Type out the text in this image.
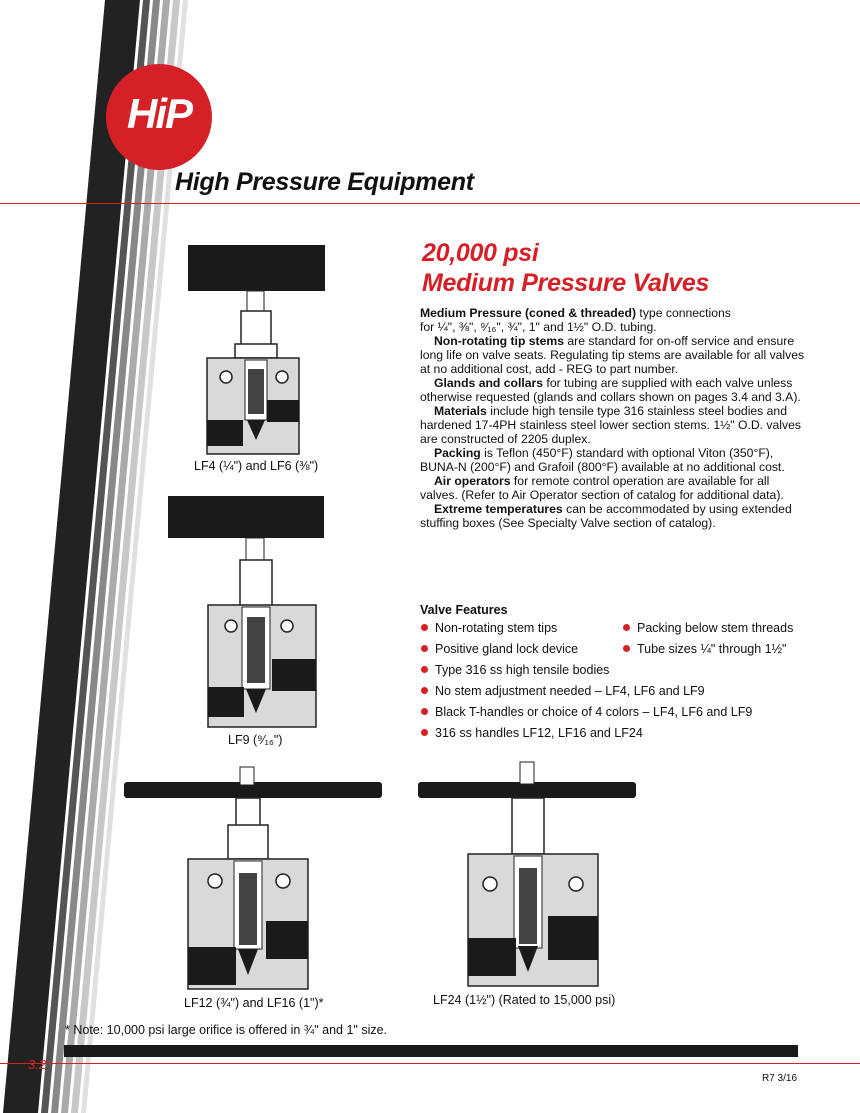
HiP
High Pressure Equipment
20,000 psi
Medium Pressure Valves

Medium Pressure (coned & threaded) type connections

for ¼", ⅜", ⁹⁄₁₆", ¾", 1" and 1½" O.D. tubing.

Non-rotating tip stems are standard for on-off service and ensure long life on valve seats. Regulating tip stems are available for all valves at no additional cost, add - REG to part number.

Glands and collars for tubing are supplied with each valve unless otherwise requested (glands and collars shown on pages 3.4 and 3.A).

Materials include high tensile type 316 stainless steel bodies and hardened 17-4PH stainless steel lower section stems. 1½" O.D. valves are constructed of 2205 duplex.

Packing is Teflon (450°F) standard with optional Viton (350°F), BUNA-N (200°F) and Grafoil (800°F) available at no additional cost.

Air operators for remote control operation are available for all valves. (Refer to Air Operator section of catalog for additional data).

Extreme temperatures can be accommodated by using extended stuffing boxes (See Specialty Valve section of catalog).

Valve Features
Non-rotating stem tips	Packing below stem threads
Positive gland lock device	Tube sizes ¼" through 1½"
Type 316 ss high tensile bodies
No stem adjustment needed – LF4, LF6 and LF9
Black T-handles or choice of 4 colors – LF4, LF6 and LF9
316 ss handles LF12, LF16 and LF24
LF4 (¼") and LF6 (⅜")
LF9 (⁹⁄₁₆")
LF12 (¾") and LF16 (1")*	LF24 (1½") (Rated to 15,000 psi)
* Note: 10,000 psi large orifice is offered in ¾" and 1" size.
3.2
R7 3/16
